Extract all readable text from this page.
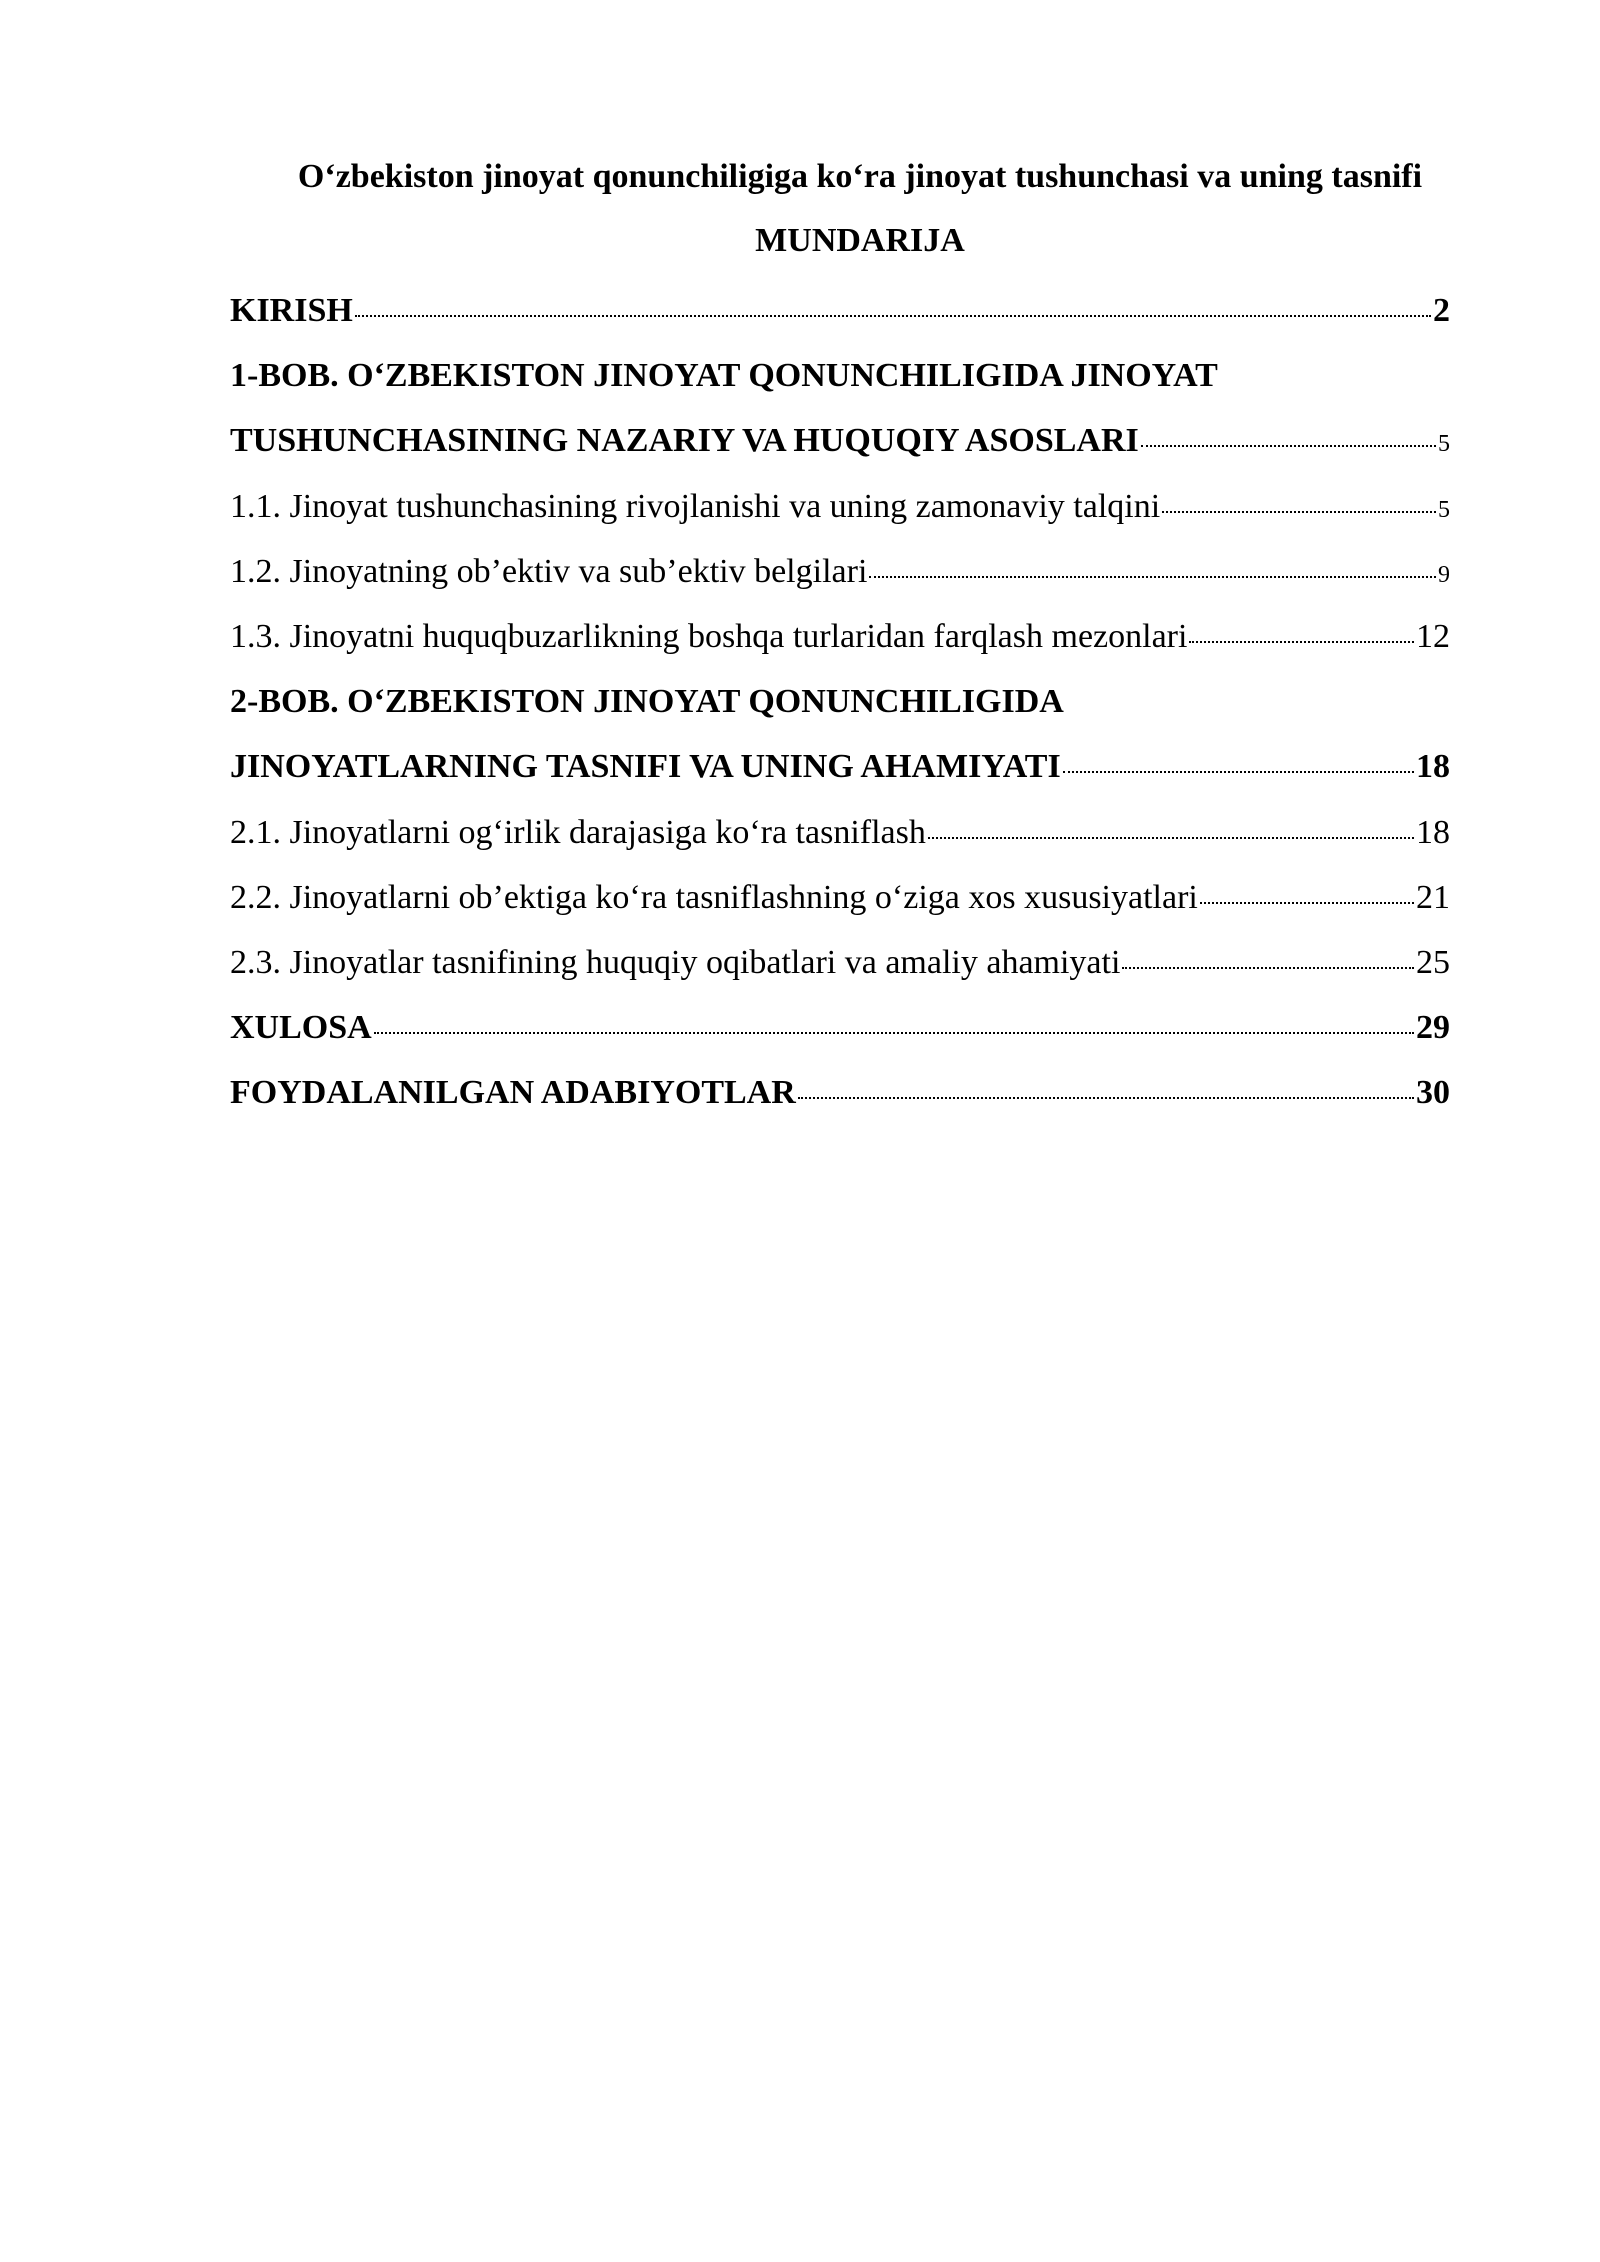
O‘zbekiston jinoyat qonunchiligiga ko‘ra jinoyat tushunchasi va uning tasnifi
MUNDARIJA
KIRISH	2
1-BOB. O‘ZBEKISTON JINOYAT QONUNCHILIGIDA JINOYAT
TUSHUNCHASINING NAZARIY VA HUQUQIY ASOSLARI	5
1.1. Jinoyat tushunchasining rivojlanishi va uning zamonaviy talqini	5
1.2. Jinoyatning ob’ektiv va sub’ektiv belgilari	9
1.3. Jinoyatni huquqbuzarlikning boshqa turlaridan farqlash mezonlari	12
2-BOB. O‘ZBEKISTON JINOYAT QONUNCHILIGIDA
JINOYATLARNING TASNIFI VA UNING AHAMIYATI	18
2.1. Jinoyatlarni og‘irlik darajasiga ko‘ra tasniflash	18
2.2. Jinoyatlarni ob’ektiga ko‘ra tasniflashning o‘ziga xos xususiyatlari	21
2.3. Jinoyatlar tasnifining huquqiy oqibatlari va amaliy ahamiyati	25
XULOSA	29
FOYDALANILGAN ADABIYOTLAR	30
